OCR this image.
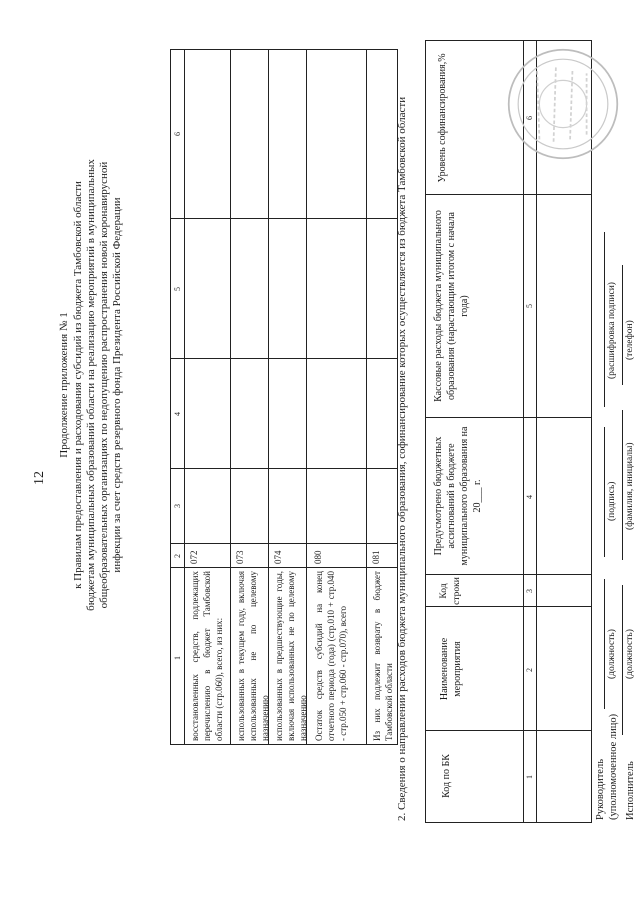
12
Продолжение приложения № 1 к Правилам предоставления и расходования субсидий из бюджета Тамбовской области бюджетам муниципальных образований области на реализацию мероприятий в муниципальных общеобразовательных организациях по недопущению распространения новой коронавирусной инфекции за счет средств резервного фонда Президента Российской Федерации
1
2
3
4
5
6
восстановленных средств, подлежащих перечислению в бюджет Тамбовской области (стр.060), всего, из них:
072
использованных в текущем году, включая использованных не по целевому назначению
073
использованных в предшествующие годы, включая использованных не по целевому назначению
074
Остаток средств субсидий на конец отчетного периода (года) (стр.010 + стр.040 - стр.050 + стр.060 - стр.070), всего
080
Из них подлежит возврату в бюджет Тамбовской области
081 2. Сведения о направлении расходов бюджета муниципального образования, софинансирование которых осуществляется из бюджета Тамбовской области	Код по БК
Наименование мероприятия
Код строки
Предусмотрено бюджетных ассигнований в бюджете муниципального образования на 20___ г.
Кассовые расходы бюджета муниципального образования (нарастающим итогом с начала года)
Уровень софинансирования,%
1
2
3
4
5
6
Руководитель (уполномоченное лицо)
(должность)
(подпись)
(расшифровка подписи)
Исполнитель
(должность)
(фамилия, инициалы)
(телефон)
